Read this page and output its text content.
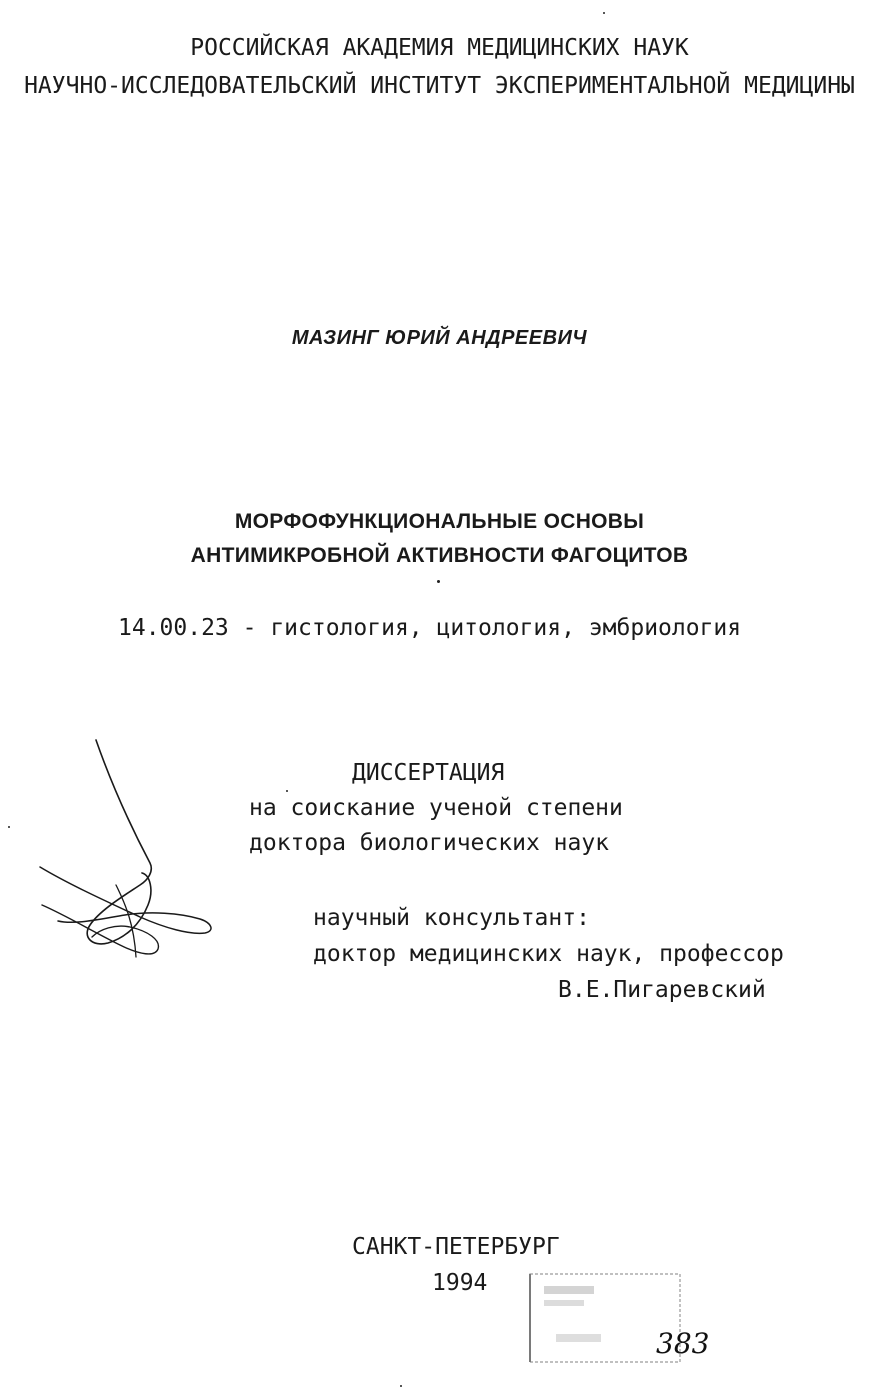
РОССИЙСКАЯ АКАДЕМИЯ МЕДИЦИНСКИХ НАУК
НАУЧНО-ИССЛЕДОВАТЕЛЬСКИЙ ИНСТИТУТ ЭКСПЕРИМЕНТАЛЬНОЙ МЕДИЦИНЫ
МАЗИНГ ЮРИЙ АНДРЕЕВИЧ
МОРФОФУНКЦИОНАЛЬНЫЕ ОСНОВЫ
АНТИМИКРОБНОЙ АКТИВНОСТИ ФАГОЦИТОВ
14.00.23 - гистология, цитология, эмбриология
ДИССЕРТАЦИЯ
на соискание ученой степени
доктора биологических наук
научный консультант:
доктор медицинских наук, профессор
В.Е.Пигаревский
САНКТ-ПЕТЕРБУРГ
1994
383
